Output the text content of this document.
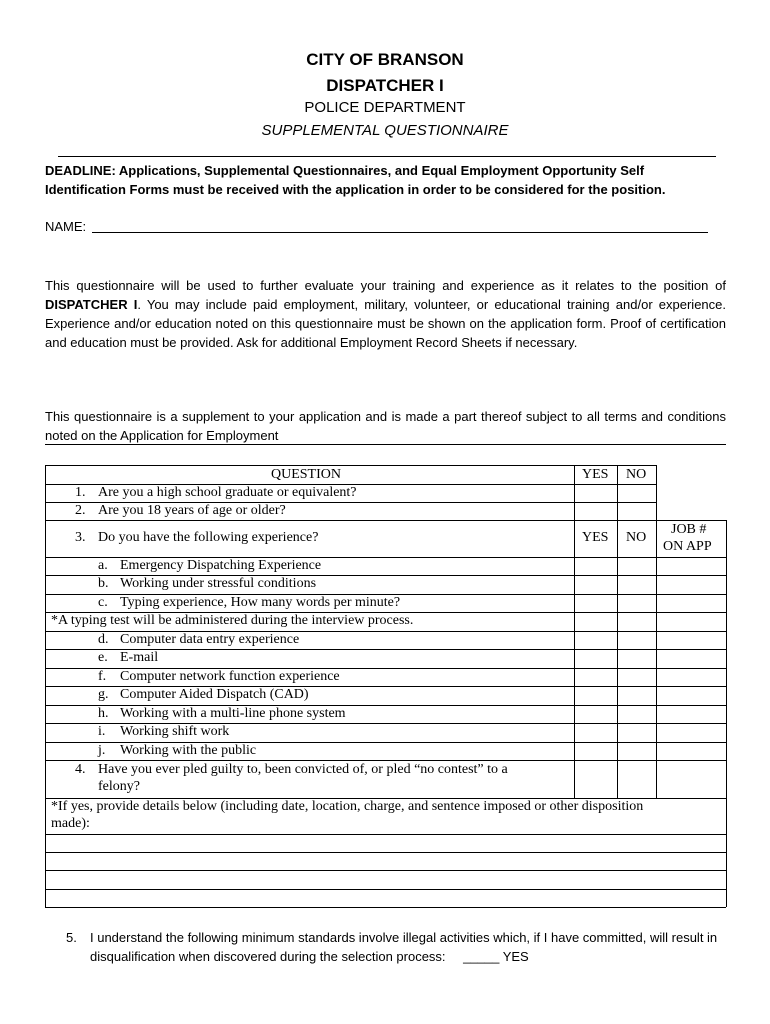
CITY OF BRANSON
DISPATCHER I
POLICE DEPARTMENT
SUPPLEMENTAL QUESTIONNAIRE
DEADLINE: Applications, Supplemental Questionnaires, and Equal Employment Opportunity Self Identification Forms must be received with the application in order to be considered for the position.
NAME:
This questionnaire will be used to further evaluate your training and experience as it relates to the position of DISPATCHER I. You may include paid employment, military, volunteer, or educational training and/or experience. Experience and/or education noted on this questionnaire must be shown on the application form. Proof of certification and education must be provided. Ask for additional Employment Record Sheets if necessary.
This questionnaire is a supplement to your application and is made a part thereof subject to all terms and conditions noted on the Application for Employment
QUESTION	YES NO
1. Are you a high school graduate or equivalent?
2. Are you 18 years of age or older?
3. Do you have the following experience?	YES NO
JOB #
ON APP
a. Emergency Dispatching Experience
b. Working under stressful conditions
c. Typing experience, How many words per minute?
*A typing test will be administered during the interview process.
d. Computer data entry experience
e. E-mail
f. Computer network function experience
g. Computer Aided Dispatch (CAD)
h. Working with a multi-line phone system
i. Working shift work
j. Working with the public
4. Have you ever pled guilty to, been convicted of, or pled “no contest” to a
felony?
*If yes, provide details below (including date, location, charge, and sentence imposed or other disposition
made):
5. I understand the following minimum standards involve illegal activities which, if I have committed, will result in disqualification when discovered during the selection process: _____ YES
